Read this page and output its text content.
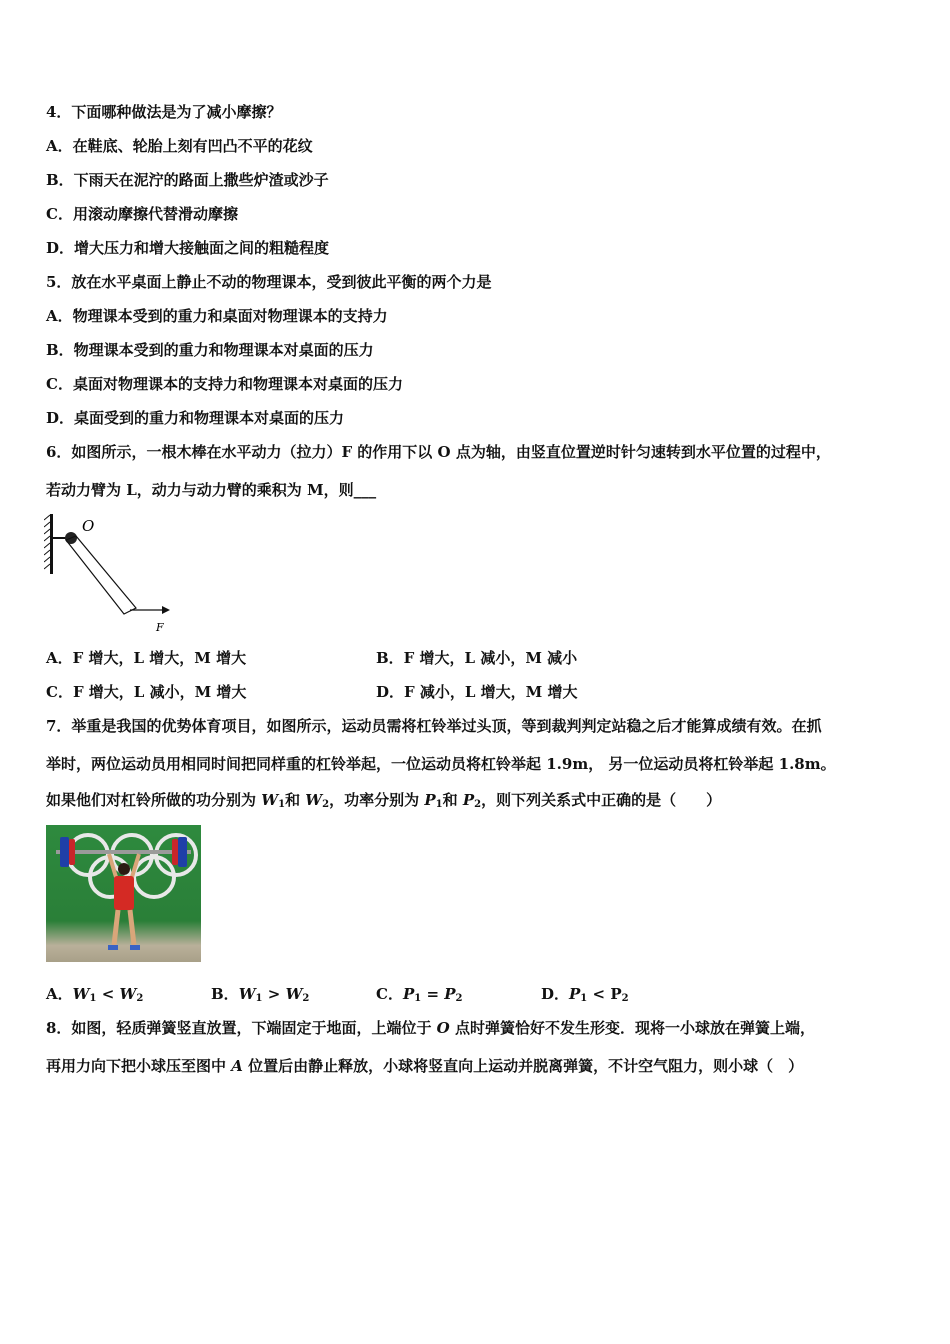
4．下面哪种做法是为了减小摩擦？
A．在鞋底、轮胎上刻有凹凸不平的花纹
B．下雨天在泥泞的路面上撒些炉渣或沙子
C．用滚动摩擦代替滑动摩擦
D．增大压力和增大接触面之间的粗糙程度
5．放在水平桌面上静止不动的物理课本，受到彼此平衡的两个力是
A．物理课本受到的重力和桌面对物理课本的支持力
B．物理课本受到的重力和物理课本对桌面的压力
C．桌面对物理课本的支持力和物理课本对桌面的压力
D．桌面受到的重力和物理课本对桌面的压力
6．如图所示，一根木棒在水平动力（拉力）F 的作用下以 O 点为轴，由竖直位置逆时针匀速转到水平位置的过程中，
若动力臂为 L，动力与动力臂的乘积为 M，则___
O
F
A．F 增大，L 增大，M 增大	B．F 增大，L 减小，M 减小
C．F 增大，L 减小，M 增大	D．F 减小，L 增大，M 增大
7．举重是我国的优势体育项目，如图所示，运动员需将杠铃举过头顶，等到裁判判定站稳之后才能算成绩有效。在抓
举时，两位运动员用相同时间把同样重的杠铃举起，一位运动员将杠铃举起 1.9m， 另一位运动员将杠铃举起 1.8m。
如果他们对杠铃所做的功分别为 $W_1$和 $W_2$，功率分别为 $P_1$和 $P_2$，则下列关系式中正确的是（　　）
A．$W_1 < W_2$	B．$W_1 > W_2$	C．$P_1 = P_2$	D．$P_1 < P_2$
8．如图，轻质弹簧竖直放置，下端固定于地面，上端位于 O 点时弹簧恰好不发生形变．现将一小球放在弹簧上端，
再用力向下把小球压至图中 A 位置后由静止释放，小球将竖直向上运动并脱离弹簧，不计空气阻力，则小球（　）
